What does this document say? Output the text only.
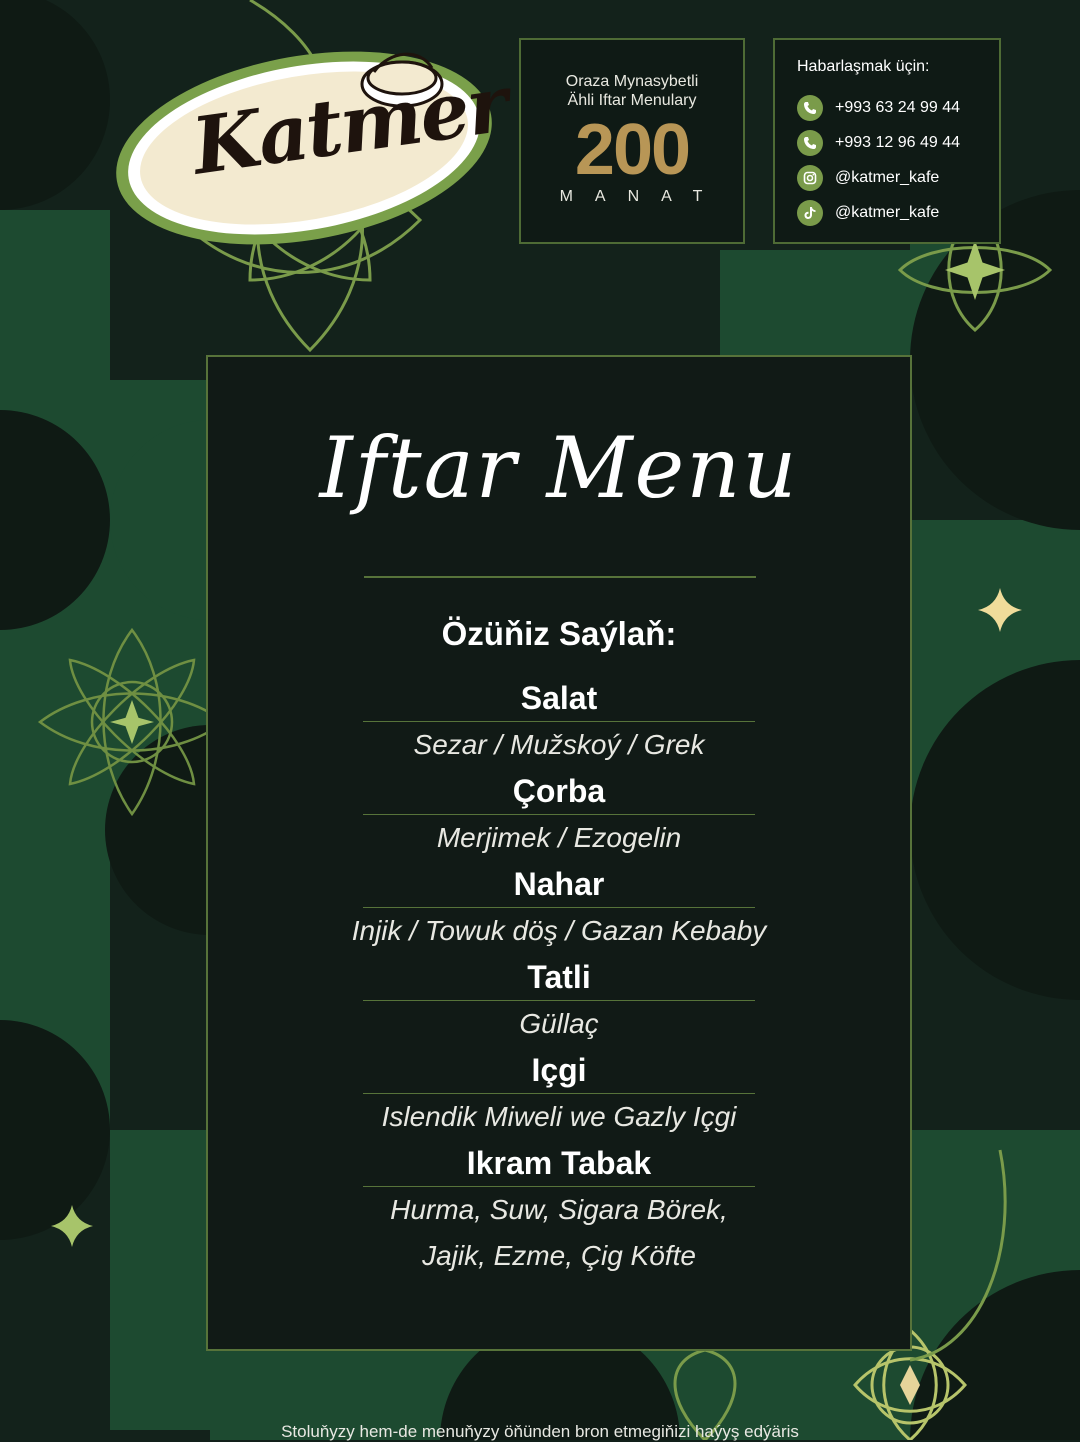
Katmer	Oraza Mynasybetli
Ähli Iftar Menulary
200
MANAT
Habarlaşmak üçin:
+993 63 24 99 44
+993 12 96 49 44
@katmer_kafe
@katmer_kafe
Iftar Menu
Özüňiz Saýlaň:
Salat
Sezar / Mužskoý / Grek
Çorba
Merjimek / Ezogelin
Nahar
Injik / Towuk döş / Gazan Kebaby
Tatli
Güllaç
Içgi
Islendik Miweli we Gazly Içgi
Ikram Tabak
Hurma, Suw, Sigara Börek,
Jajik, Ezme, Çig Köfte
Stoluňyzy hem-de menuňyzy öňünden bron etmegiňizi haýyş edýäris
